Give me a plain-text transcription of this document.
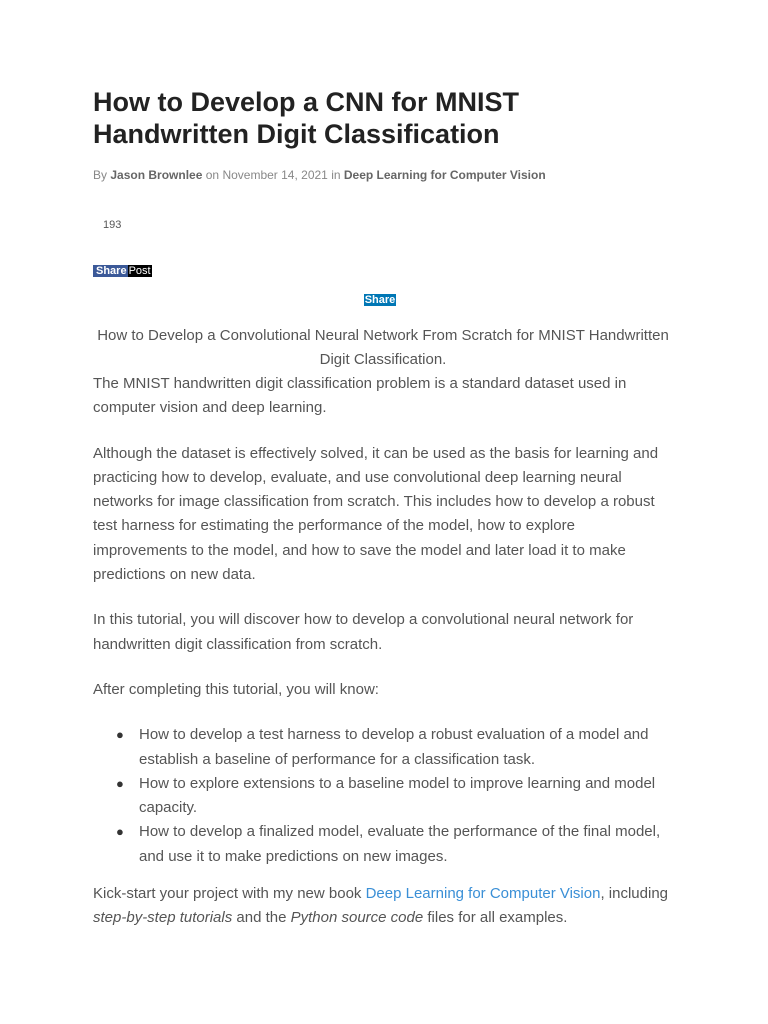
How to Develop a CNN for MNIST Handwritten Digit Classification
By Jason Brownlee on November 14, 2021 in Deep Learning for Computer Vision
193
Share Post
Share
How to Develop a Convolutional Neural Network From Scratch for MNIST Handwritten Digit Classification.

The MNIST handwritten digit classification problem is a standard dataset used in computer vision and deep learning.

Although the dataset is effectively solved, it can be used as the basis for learning and practicing how to develop, evaluate, and use convolutional deep learning neural networks for image classification from scratch. This includes how to develop a robust test harness for estimating the performance of the model, how to explore improvements to the model, and how to save the model and later load it to make predictions on new data.

In this tutorial, you will discover how to develop a convolutional neural network for handwritten digit classification from scratch.

After completing this tutorial, you will know:

● How to develop a test harness to develop a robust evaluation of a model and establish a baseline of performance for a classification task.
● How to explore extensions to a baseline model to improve learning and model capacity.
● How to develop a finalized model, evaluate the performance of the final model, and use it to make predictions on new images.

Kick-start your project with my new book Deep Learning for Computer Vision, including step-by-step tutorials and the Python source code files for all examples.
